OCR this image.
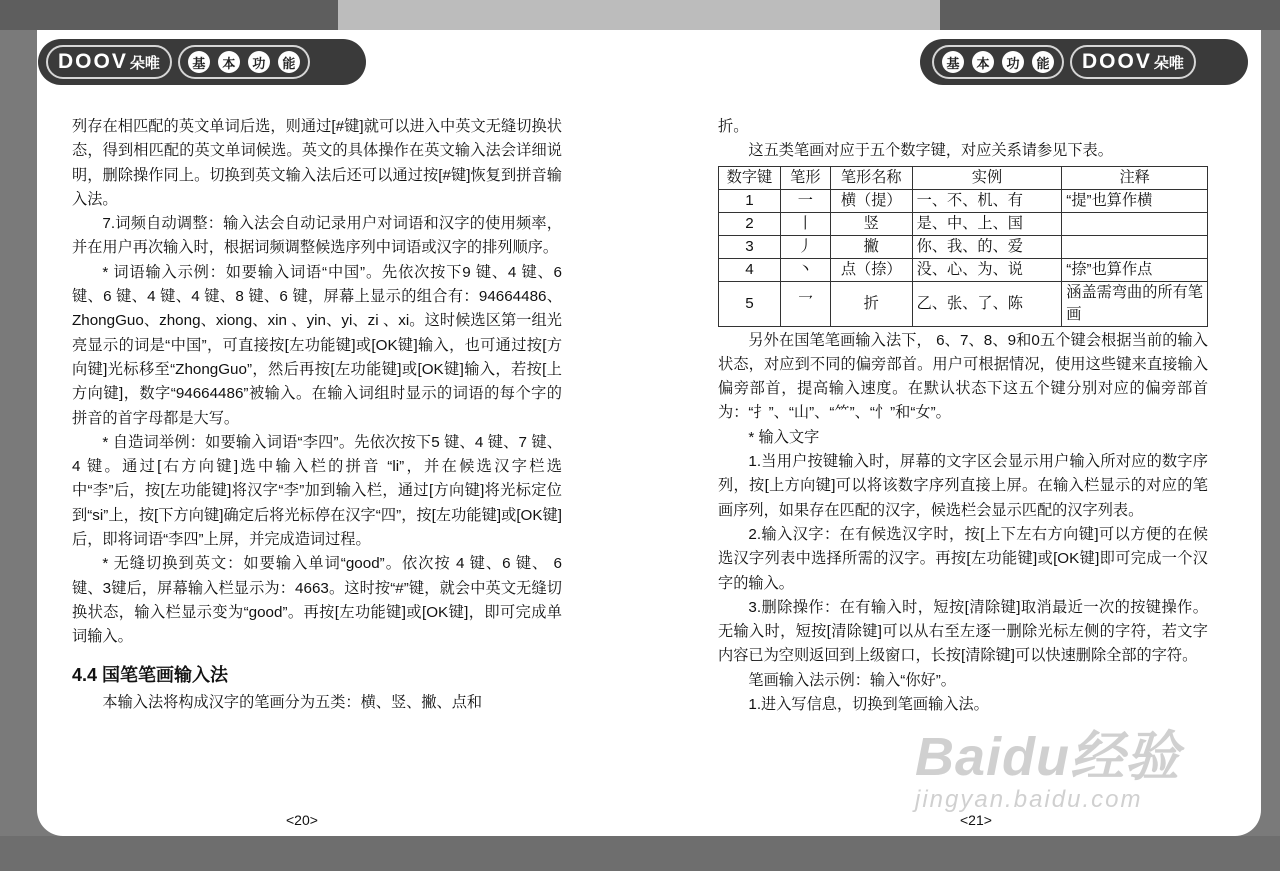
DOOV 朵唯	基	本	功	能	基	本	功	能 DOOV 朵唯

列存在相匹配的英文单词后选，则通过[#键]就可以进入中英文无缝切换状态，得到相匹配的英文单词候选。英文的具体操作在英文输入法会详细说明，删除操作同上。切换到英文输入法后还可以通过按[#键]恢复到拼音输入法。

7.词频自动调整：输入法会自动记录用户对词语和汉字的使用频率，并在用户再次输入时，根据词频调整候选序列中词语或汉字的排列顺序。

* 词语输入示例：如要输入词语“中国”。先依次按下9 键、4 键、6 键、6 键、4 键、4 键、8 键、6 键，屏幕上显示的组合有：94664486、ZhongGuo、zhong、xiong、xin 、yin、yi、zi 、xi。这时候选区第一组光亮显示的词是“中国”，可直接按[左功能键]或[OK键]输入，也可通过按[方向键]光标移至“ZhongGuo”，然后再按[左功能键]或[OK键]输入，若按[上方向键]，数字“94664486”被输入。在输入词组时显示的词语的每个字的拼音的首字母都是大写。

* 自造词举例：如要输入词语“李四”。先依次按下5 键、4 键、7 键、4 键。通过[右方向键]选中输入栏的拼音 “li”，并在候选汉字栏选中“李”后，按[左功能键]将汉字“李”加到输入栏，通过[方向键]将光标定位到“si”上，按[下方向键]确定后将光标停在汉字“四”，按[左功能键]或[OK键]后，即将词语“李四”上屏，并完成造词过程。

* 无缝切换到英文：如要输入单词“good”。依次按 4 键、6 键、 6 键、3键后，屏幕输入栏显示为：4663。这时按“#”键，就会中英文无缝切换状态，输入栏显示变为“good”。再按[左功能键]或[OK键]，即可完成单词输入。

4.4 国笔笔画输入法

本输入法将构成汉字的笔画分为五类：横、竖、撇、点和

<20>

折。

这五类笔画对应于五个数字键，对应关系请参见下表。

数字键	笔形	笔形名称	实例	注释
1	一	横（提）	一、不、机、有	“提”也算作横
2	丨	竖	是、中、上、国	
3	丿	撇	你、我、的、爱	
4	丶	点（捺）	没、心、为、说	“捺”也算作点
5	乛	折	乙、张、了、陈	涵盖需弯曲的所有笔画

另外在国笔笔画输入法下， 6、7、8、9和0五个键会根据当前的输入状态，对应到不同的偏旁部首。用户可根据情况，使用这些键来直接输入偏旁部首，提高输入速度。在默认状态下这五个键分别对应的偏旁部首为：“扌”、“山”、“⺮”、“忄”和“女”。

* 输入文字

1.当用户按键输入时，屏幕的文字区会显示用户输入所对应的数字序列，按[上方向键]可以将该数字序列直接上屏。在输入栏显示的对应的笔画序列，如果存在匹配的汉字，候选栏会显示匹配的汉字列表。

2.输入汉字：在有候选汉字时，按[上下左右方向键]可以方便的在候选汉字列表中选择所需的汉字。再按[左功能键]或[OK键]即可完成一个汉字的输入。

3.删除操作：在有输入时，短按[清除键]取消最近一次的按键操作。无输入时，短按[清除键]可以从右至左逐一删除光标左侧的字符，若文字内容已为空则返回到上级窗口，长按[清除键]可以快速删除全部的字符。

笔画输入法示例：输入“你好”。

1.进入写信息，切换到笔画输入法。

<21>
Baidu经验
jingyan.baidu.com
